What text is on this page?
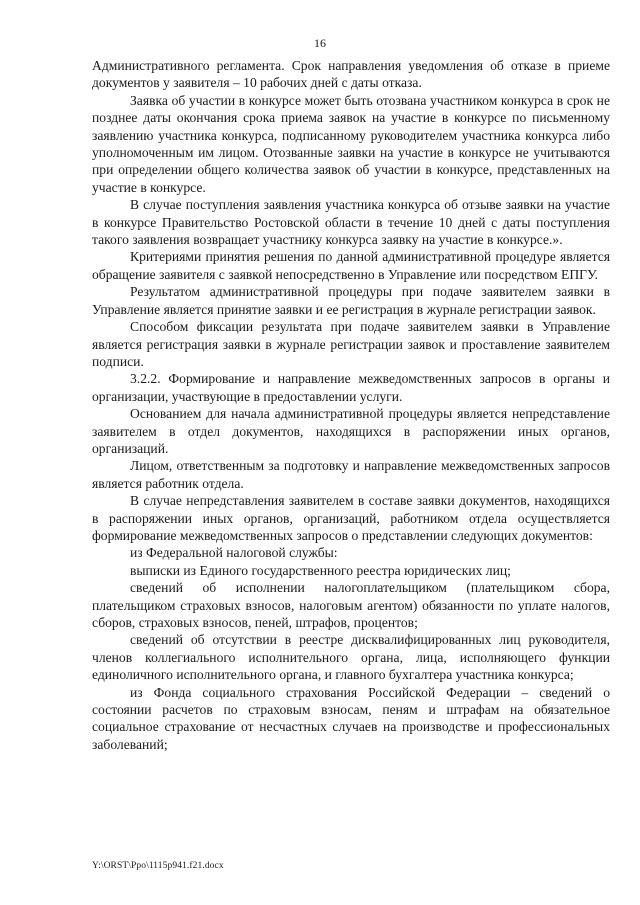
16

Административного регламента. Срок направления уведомления об отказе в приеме документов у заявителя – 10 рабочих дней с даты отказа.

Заявка об участии в конкурсе может быть отозвана участником конкурса в срок не позднее даты окончания срока приема заявок на участие в конкурсе по письменному заявлению участника конкурса, подписанному руководителем участника конкурса либо уполномоченным им лицом. Отозванные заявки на участие в конкурсе не учитываются при определении общего количества заявок об участии в конкурсе, представленных на участие в конкурсе.

В случае поступления заявления участника конкурса об отзыве заявки на участие в конкурсе Правительство Ростовской области в течение 10 дней с даты поступления такого заявления возвращает участнику конкурса заявку на участие в конкурсе.».

Критериями принятия решения по данной административной процедуре является обращение заявителя с заявкой непосредственно в Управление или посредством ЕПГУ.

Результатом административной процедуры при подаче заявителем заявки в Управление является принятие заявки и ее регистрация в журнале регистрации заявок.

Способом фиксации результата при подаче заявителем заявки в Управление является регистрация заявки в журнале регистрации заявок и проставление заявителем подписи.

3.2.2. Формирование и направление межведомственных запросов в органы и организации, участвующие в предоставлении услуги.

Основанием для начала административной процедуры является непредставление заявителем в отдел документов, находящихся в распоряжении иных органов, организаций.

Лицом, ответственным за подготовку и направление межведомственных запросов является работник отдела.

В случае непредставления заявителем в составе заявки документов, находящихся в распоряжении иных органов, организаций, работником отдела осуществляется формирование межведомственных запросов о представлении следующих документов:

из Федеральной налоговой службы:

выписки из Единого государственного реестра юридических лиц;

сведений об исполнении налогоплательщиком (плательщиком сбора, плательщиком страховых взносов, налоговым агентом) обязанности по уплате налогов, сборов, страховых взносов, пеней, штрафов, процентов;

сведений об отсутствии в реестре дисквалифицированных лиц руководителя, членов коллегиального исполнительного органа, лица, исполняющего функции единоличного исполнительного органа, и главного бухгалтера участника конкурса;

из Фонда социального страхования Российской Федерации – сведений о состоянии расчетов по страховым взносам, пеням и штрафам на обязательное социальное страхование от несчастных случаев на производстве и профессиональных заболеваний;

Y:\ORST\Ppo\1115p941.f21.docx
